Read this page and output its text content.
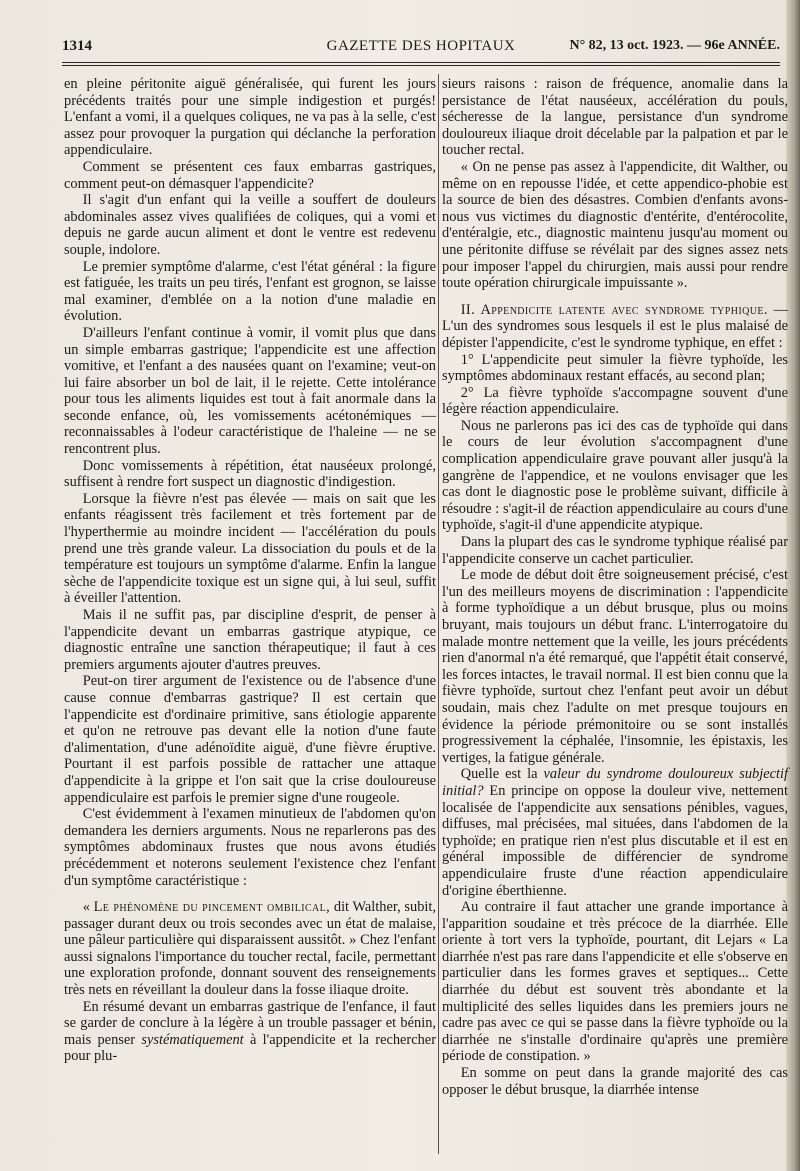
1314	GAZETTE DES HOPITAUX	N° 82, 13 oct. 1923. — 96e ANNÉE.

en pleine péritonite aiguë généralisée, qui furent les jours précédents traités pour une simple indigestion et purgés! L'enfant a vomi, il a quelques coliques, ne va pas à la selle, c'est assez pour provoquer la purgation qui déclanche la perforation appendiculaire.

Comment se présentent ces faux embarras gastriques, comment peut-on démasquer l'appendicite?

Il s'agit d'un enfant qui la veille a souffert de douleurs abdominales assez vives qualifiées de coliques, qui a vomi et depuis ne garde aucun aliment et dont le ventre est redevenu souple, indolore.

Le premier symptôme d'alarme, c'est l'état général : la figure est fatiguée, les traits un peu tirés, l'enfant est grognon, se laisse mal examiner, d'emblée on a la notion d'une maladie en évolution.

D'ailleurs l'enfant continue à vomir, il vomit plus que dans un simple embarras gastrique; l'appendicite est une affection vomitive, et l'enfant a des nausées quant on l'examine; veut-on lui faire absorber un bol de lait, il le rejette. Cette intolérance pour tous les aliments liquides est tout à fait anormale dans la seconde enfance, où, les vomissements acétonémiques — reconnaissables à l'odeur caractéristique de l'haleine — ne se rencontrent plus.

Donc vomissements à répétition, état nauséeux prolongé, suffisent à rendre fort suspect un diagnostic d'indigestion.

Lorsque la fièvre n'est pas élevée — mais on sait que les enfants réagissent très facilement et très fortement par de l'hyperthermie au moindre incident — l'accélération du pouls prend une très grande valeur. La dissociation du pouls et de la température est toujours un symptôme d'alarme. Enfin la langue sèche de l'appendicite toxique est un signe qui, à lui seul, suffit à éveiller l'attention.

Mais il ne suffit pas, par discipline d'esprit, de penser à l'appendicite devant un embarras gastrique atypique, ce diagnostic entraîne une sanction thérapeutique; il faut à ces premiers arguments ajouter d'autres preuves.

Peut-on tirer argument de l'existence ou de l'absence d'une cause connue d'embarras gastrique? Il est certain que l'appendicite est d'ordinaire primitive, sans étiologie apparente et qu'on ne retrouve pas devant elle la notion d'une faute d'alimentation, d'une adénoïdite aiguë, d'une fièvre éruptive. Pourtant il est parfois possible de rattacher une attaque d'appendicite à la grippe et l'on sait que la crise douloureuse appendiculaire est parfois le premier signe d'une rougeole.

C'est évidemment à l'examen minutieux de l'abdomen qu'on demandera les derniers arguments. Nous ne reparlerons pas des symptômes abdominaux frustes que nous avons étudiés précédemment et noterons seulement l'existence chez l'enfant d'un symptôme caractéristique :

« Le phénomène du pincement ombilical, dit Walther, subit, passager durant deux ou trois secondes avec un état de malaise, une pâleur particulière qui disparaissent aussitôt. » Chez l'enfant aussi signalons l'importance du toucher rectal, facile, permettant une exploration profonde, donnant souvent des renseignements très nets en réveillant la douleur dans la fosse iliaque droite.

En résumé devant un embarras gastrique de l'enfance, il faut se garder de conclure à la légère à un trouble passager et bénin, mais penser systématiquement à l'appendicite et la rechercher pour plu-

sieurs raisons : raison de fréquence, anomalie dans la persistance de l'état nauséeux, accélération du pouls, sécheresse de la langue, persistance d'un syndrome douloureux iliaque droit décelable par la palpation et par le toucher rectal.

« On ne pense pas assez à l'appendicite, dit Walther, ou même on en repousse l'idée, et cette appendico-phobie est la source de bien des désastres. Combien d'enfants avons-nous vus victimes du diagnostic d'entérite, d'entérocolite, d'entéralgie, etc., diagnostic maintenu jusqu'au moment ou une péritonite diffuse se révélait par des signes assez nets pour imposer l'appel du chirurgien, mais aussi pour rendre toute opération chirurgicale impuissante ».

II. Appendicite latente avec syndrome typhique. — L'un des syndromes sous lesquels il est le plus malaisé de dépister l'appendicite, c'est le syndrome typhique, en effet :

1° L'appendicite peut simuler la fièvre typhoïde, les symptômes abdominaux restant effacés, au second plan;

2° La fièvre typhoïde s'accompagne souvent d'une légère réaction appendiculaire.

Nous ne parlerons pas ici des cas de typhoïde qui dans le cours de leur évolution s'accompagnent d'une complication appendiculaire grave pouvant aller jusqu'à la gangrène de l'appendice, et ne voulons envisager que les cas dont le diagnostic pose le problème suivant, difficile à résoudre : s'agit-il de réaction appendiculaire au cours d'une typhoïde, s'agit-il d'une appendicite atypique.

Dans la plupart des cas le syndrome typhique réalisé par l'appendicite conserve un cachet particulier.

Le mode de début doit être soigneusement précisé, c'est l'un des meilleurs moyens de discrimination : l'appendicite à forme typhoïdique a un début brusque, plus ou moins bruyant, mais toujours un début franc. L'interrogatoire du malade montre nettement que la veille, les jours précédents rien d'anormal n'a été remarqué, que l'appétit était conservé, les forces intactes, le travail normal. Il est bien connu que la fièvre typhoïde, surtout chez l'enfant peut avoir un début soudain, mais chez l'adulte on met presque toujours en évidence la période prémonitoire ou se sont installés progressivement la céphalée, l'insomnie, les épistaxis, les vertiges, la fatigue générale.

Quelle est la valeur du syndrome douloureux subjectif initial? En principe on oppose la douleur vive, nettement localisée de l'appendicite aux sensations pénibles, vagues, diffuses, mal précisées, mal situées, dans l'abdomen de la typhoïde; en pratique rien n'est plus discutable et il est en général impossible de différencier de syndrome appendiculaire fruste d'une réaction appendiculaire d'origine éberthienne.

Au contraire il faut attacher une grande importance à l'apparition soudaine et très précoce de la diarrhée. Elle oriente à tort vers la typhoïde, pourtant, dit Lejars « La diarrhée n'est pas rare dans l'appendicite et elle s'observe en particulier dans les formes graves et septiques... Cette diarrhée du début est souvent très abondante et la multiplicité des selles liquides dans les premiers jours ne cadre pas avec ce qui se passe dans la fièvre typhoïde ou la diarrhée ne s'installe d'ordinaire qu'après une première période de constipation. »

En somme on peut dans la grande majorité des cas opposer le début brusque, la diarrhée intense
